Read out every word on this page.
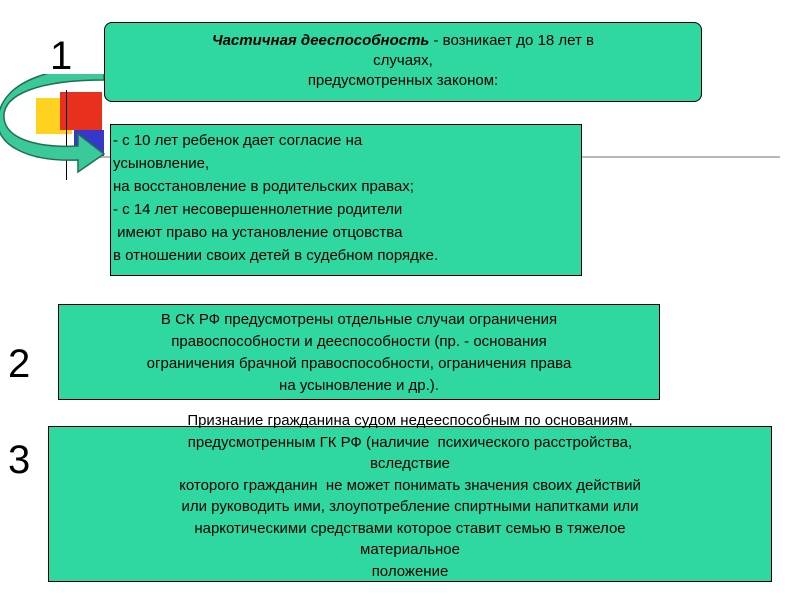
1	Частичная дееспособность - возникает до 18 лет в
случаях,
предусмотренных законом:
- с 10 лет ребенок дает согласие на
усыновление,
на восстановление в родительских правах;
- с 14 лет несовершеннолетние родители
имеют право на установление отцовства
в отношении своих детей в судебном порядке.
2
В СК РФ предусмотрены отдельные случаи ограничения
правоспособности и дееспособности (пр. - основания
ограничения брачной правоспособности, ограничения права
на усыновление и др.).
3
Признание гражданина судом недееспособным по основаниям,
предусмотренным ГК РФ (наличие  психического расстройства,
вследствие
которого гражданин  не может понимать значения своих действий
или руководить ими, злоупотребление спиртными напитками или
наркотическими средствами которое ставит семью в тяжелое
материальное
положение
